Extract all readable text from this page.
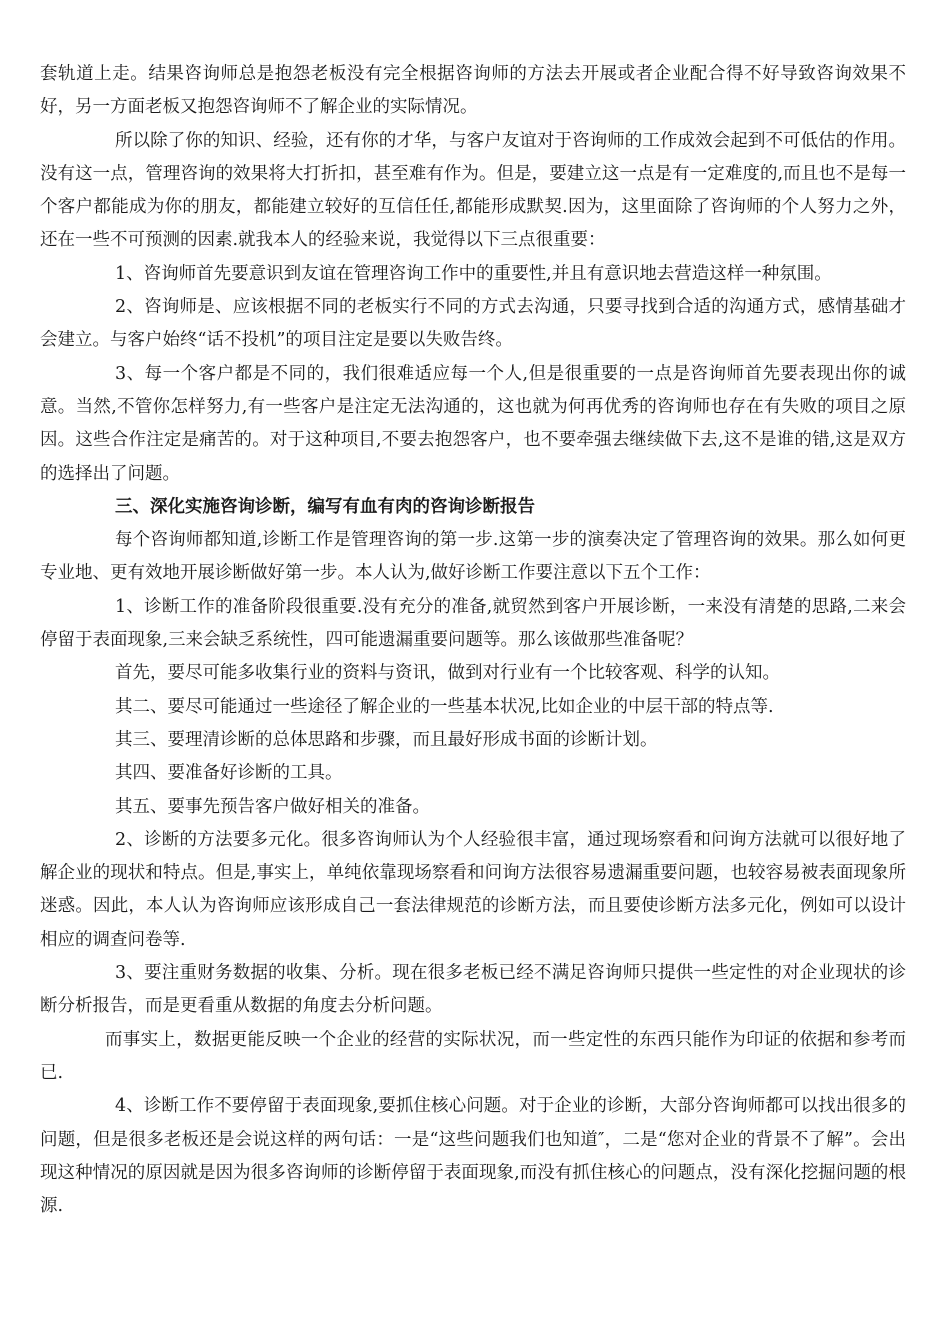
套轨道上走。结果咨询师总是抱怨老板没有完全根据咨询师的方法去开展或者企业配合得不好导致咨询效果不好，另一方面老板又抱怨咨询师不了解企业的实际情况。

所以除了你的知识、经验，还有你的才华，与客户友谊对于咨询师的工作成效会起到不可低估的作用。没有这一点，管理咨询的效果将大打折扣，甚至难有作为。但是，要建立这一点是有一定难度的,而且也不是每一个客户都能成为你的朋友，都能建立较好的互信任任,都能形成默契.因为，这里面除了咨询师的个人努力之外，还在一些不可预测的因素.就我本人的经验来说，我觉得以下三点很重要：

1、咨询师首先要意识到友谊在管理咨询工作中的重要性,并且有意识地去营造这样一种氛围。

2、咨询师是、应该根据不同的老板实行不同的方式去沟通，只要寻找到合适的沟通方式，感情基础才会建立。与客户始终“话不投机”的项目注定是要以失败告终。

3、每一个客户都是不同的，我们很难适应每一个人,但是很重要的一点是咨询师首先要表现出你的诚意。当然,不管你怎样努力,有一些客户是注定无法沟通的，这也就为何再优秀的咨询师也存在有失败的项目之原因。这些合作注定是痛苦的。对于这种项目,不要去抱怨客户，也不要牵强去继续做下去,这不是谁的错,这是双方的选择出了问题。

三、深化实施咨询诊断，编写有血有肉的咨询诊断报告

每个咨询师都知道,诊断工作是管理咨询的第一步.这第一步的演奏决定了管理咨询的效果。那么如何更专业地、更有效地开展诊断做好第一步。本人认为,做好诊断工作要注意以下五个工作：

1、诊断工作的准备阶段很重要.没有充分的准备,就贸然到客户开展诊断，一来没有清楚的思路,二来会停留于表面现象,三来会缺乏系统性，四可能遗漏重要问题等。那么该做那些准备呢？

首先，要尽可能多收集行业的资料与资讯，做到对行业有一个比较客观、科学的认知。

其二、要尽可能通过一些途径了解企业的一些基本状况,比如企业的中层干部的特点等.

其三、要理清诊断的总体思路和步骤，而且最好形成书面的诊断计划。

其四、要准备好诊断的工具。

其五、要事先预告客户做好相关的准备。

2、诊断的方法要多元化。很多咨询师认为个人经验很丰富，通过现场察看和问询方法就可以很好地了解企业的现状和特点。但是,事实上，单纯依靠现场察看和问询方法很容易遗漏重要问题，也较容易被表面现象所迷惑。因此，本人认为咨询师应该形成自己一套法律规范的诊断方法，而且要使诊断方法多元化，例如可以设计相应的调查问卷等.

3、要注重财务数据的收集、分析。现在很多老板已经不满足咨询师只提供一些定性的对企业现状的诊断分析报告，而是更看重从数据的角度去分析问题。

而事实上，数据更能反映一个企业的经营的实际状况，而一些定性的东西只能作为印证的依据和参考而已.

4、诊断工作不要停留于表面现象,要抓住核心问题。对于企业的诊断，大部分咨询师都可以找出很多的问题，但是很多老板还是会说这样的两句话：一是“这些问题我们也知道″，二是“您对企业的背景不了解”。会出现这种情况的原因就是因为很多咨询师的诊断停留于表面现象,而没有抓住核心的问题点，没有深化挖掘问题的根源.
